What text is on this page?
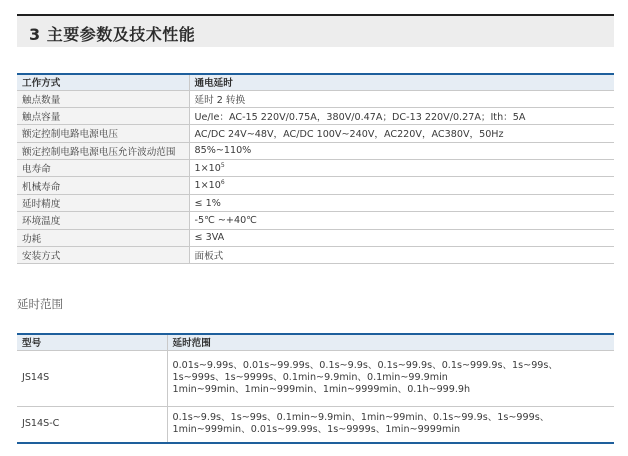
3 主要参数及技术性能
工作方式	通电延时
触点数量	延时 2 转换
触点容量	Ue/Ie：AC-15 220V/0.75A，380V/0.47A；DC-13 220V/0.27A；Ith：5A
额定控制电路电源电压	AC/DC 24V~48V，AC/DC 100V~240V，AC220V，AC380V，50Hz
额定控制电路电源电压允许波动范围	85%~110%
电寿命	$1\times 10^5$
机械寿命	$1\times 10^6$
延时精度	≤ 1%
环境温度	-5℃ ~+40℃
功耗	≤ 3VA
安装方式	面板式
延时范围
型号	延时范围
JS14S	0.01s~9.99s、0.01s~99.99s、0.1s~9.9s、0.1s~99.9s、0.1s~999.9s、1s~99s、
1s~999s、1s~9999s、0.1min~9.9min、0.1min~99.9min
1min~99min、1min~999min、1min~9999min、0.1h~999.9h

JS14S-C	0.1s~9.9s、1s~99s、0.1min~9.9min、1min~99min、0.1s~99.9s、1s~999s、
1min~999min、0.01s~99.99s、1s~9999s、1min~9999min
